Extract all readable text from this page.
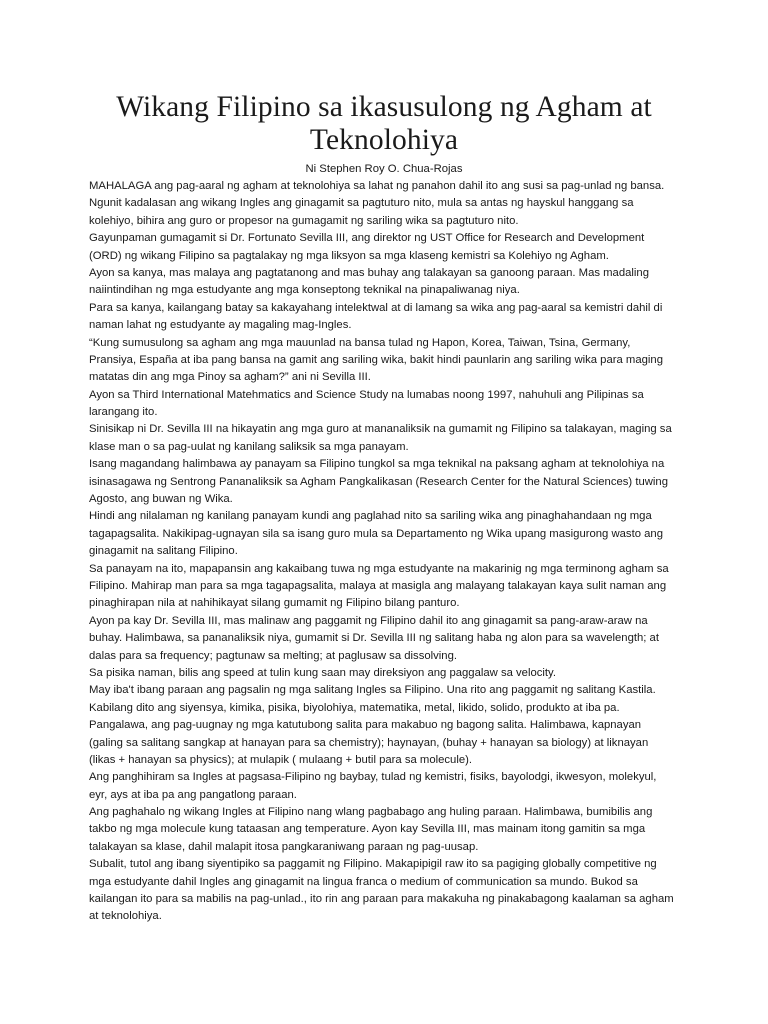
Wikang Filipino sa ikasusulong ng Agham at
Teknolohiya

Ni Stephen Roy O. Chua-Rojas

MAHALAGA ang pag-aaral ng agham at teknolohiya sa lahat ng panahon dahil ito ang susi sa pag-unlad ng bansa.
Ngunit kadalasan ang wikang Ingles ang ginagamit sa pagtuturo nito, mula sa antas ng hayskul hanggang sa
kolehiyo, bihira ang guro or propesor na gumagamit ng sariling wika sa pagtuturo nito.
Gayunpaman gumagamit si Dr. Fortunato Sevilla III, ang direktor ng UST Office for Research and Development
(ORD) ng wikang Filipino sa pagtalakay ng mga liksyon sa mga klaseng kemistri sa Kolehiyo ng Agham.
Ayon sa kanya, mas malaya ang pagtatanong and mas buhay ang talakayan sa ganoong paraan. Mas madaling
naiintindihan ng mga estudyante ang mga konseptong teknikal na pinapaliwanag niya.
Para sa kanya, kailangang batay sa kakayahang intelektwal at di lamang sa wika ang pag-aaral sa kemistri dahil di
naman lahat ng estudyante ay magaling mag-Ingles.
“Kung sumusulong sa agham ang mga mauunlad na bansa tulad ng Hapon, Korea, Taiwan, Tsina, Germany,
Pransiya, España at iba pang bansa na gamit ang sariling wika, bakit hindi paunlarin ang sariling wika para maging
matatas din ang mga Pinoy sa agham?” ani ni Sevilla III.
Ayon sa Third International Matehmatics and Science Study na lumabas noong 1997, nahuhuli ang Pilipinas sa
larangang ito.
Sinisikap ni Dr. Sevilla III na hikayatin ang mga guro at mananaliksik na gumamit ng Filipino sa talakayan, maging sa
klase man o sa pag-uulat ng kanilang saliksik sa mga panayam.
Isang magandang halimbawa ay panayam sa Filipino tungkol sa mga teknikal na paksang agham at teknolohiya na
isinasagawa ng Sentrong Pananaliksik sa Agham Pangkalikasan (Research Center for the Natural Sciences) tuwing
Agosto, ang buwan ng Wika.
Hindi ang nilalaman ng kanilang panayam kundi ang paglahad nito sa sariling wika ang pinaghahandaan ng mga
tagapagsalita. Nakikipag-ugnayan sila sa isang guro mula sa Departamento ng Wika upang masigurong wasto ang
ginagamit na salitang Filipino.
Sa panayam na ito, mapapansin ang kakaibang tuwa ng mga estudyante na makarinig ng mga terminong agham sa
Filipino. Mahirap man para sa mga tagapagsalita, malaya at masigla ang malayang talakayan kaya sulit naman ang
pinaghirapan nila at nahihikayat silang gumamit ng Filipino bilang panturo.
Ayon pa kay Dr. Sevilla III, mas malinaw ang paggamit ng Filipino dahil ito ang ginagamit sa pang-araw-araw na
buhay. Halimbawa, sa pananaliksik niya, gumamit si Dr. Sevilla III ng salitang haba ng alon para sa wavelength; at
dalas para sa frequency; pagtunaw sa melting; at paglusaw sa dissolving.
Sa pisika naman, bilis ang speed at tulin kung saan may direksiyon ang paggalaw sa velocity.
May iba't ibang paraan ang pagsalin ng mga salitang Ingles sa Filipino. Una rito ang paggamit ng salitang Kastila.
Kabilang dito ang siyensya, kimika, pisika, biyolohiya, matematika, metal, likido, solido, produkto at iba pa.
Pangalawa, ang pag-uugnay ng mga katutubong salita para makabuo ng bagong salita. Halimbawa, kapnayan
(galing sa salitang sangkap at hanayan para sa chemistry); haynayan, (buhay + hanayan sa biology) at liknayan
(likas + hanayan sa physics); at mulapik ( mulaang + butil para sa molecule).
Ang panghihiram sa Ingles at pagsasa-Filipino ng baybay, tulad ng kemistri, fisiks, bayolodgi, ikwesyon, molekyul,
eyr, ays at iba pa ang pangatlong paraan.
Ang paghahalo ng wikang Ingles at Filipino nang wlang pagbabago ang huling paraan. Halimbawa, bumibilis ang
takbo ng mga molecule kung tataasan ang temperature. Ayon kay Sevilla III, mas mainam itong gamitin sa mga
talakayan sa klase, dahil malapit itosa pangkaraniwang paraan ng pag-uusap.
Subalit, tutol ang ibang siyentipiko sa paggamit ng Filipino. Makapipigil raw ito sa pagiging globally competitive ng
mga estudyante dahil Ingles ang ginagamit na lingua franca o medium of communication sa mundo. Bukod sa
kailangan ito para sa mabilis na pag-unlad., ito rin ang paraan para makakuha ng pinakabagong kaalaman sa agham
at teknolohiya.
